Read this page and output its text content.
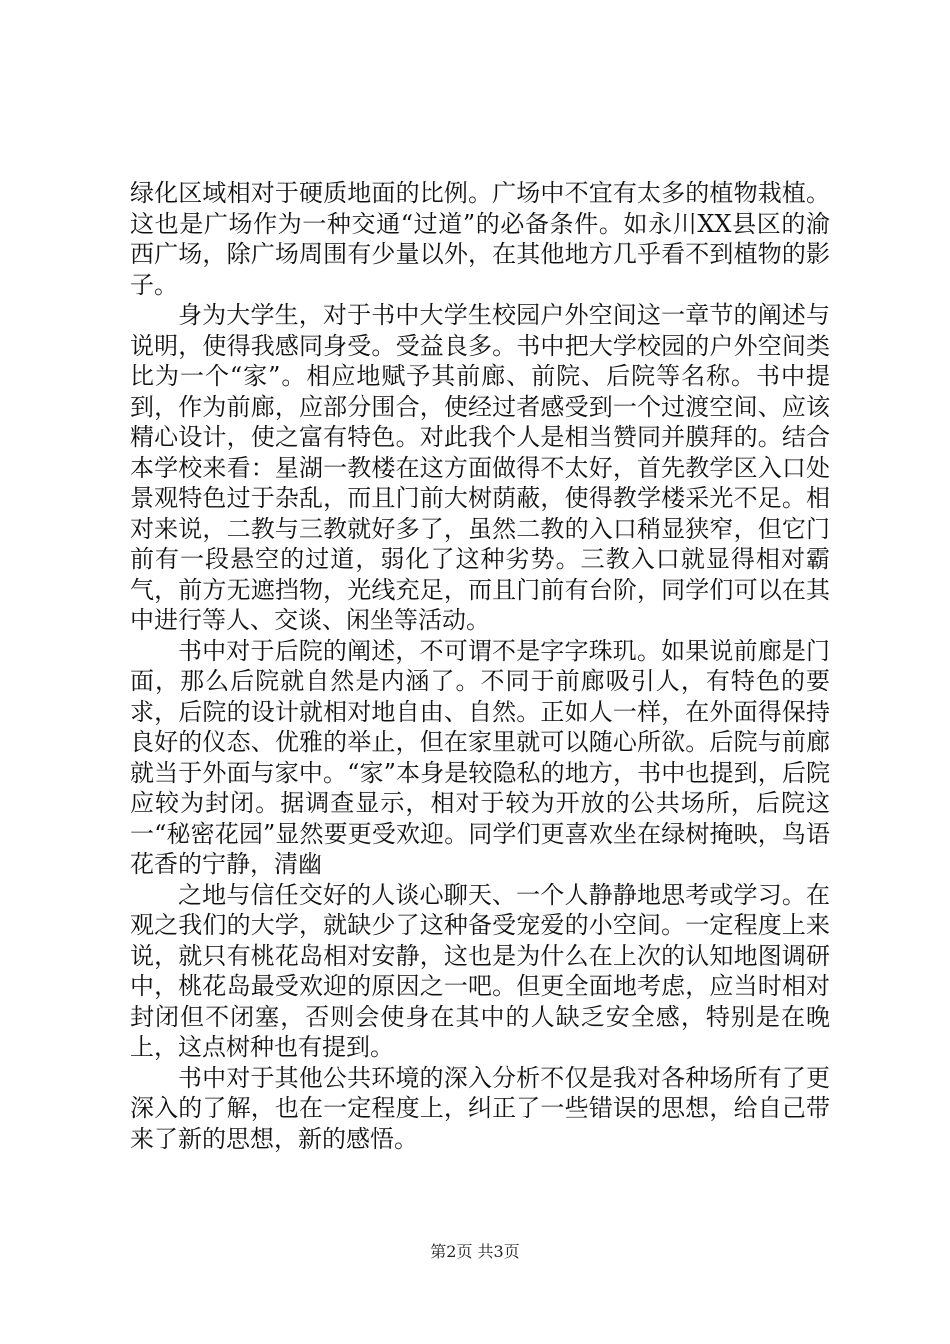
绿化区域相对于硬质地面的比例。广场中不宜有太多的植物栽植。这也是广场作为一种交通“过道”的必备条件。如永川XX县区的渝西广场，除广场周围有少量以外，在其他地方几乎看不到植物的影子。

身为大学生，对于书中大学生校园户外空间这一章节的阐述与说明，使得我感同身受。受益良多。书中把大学校园的户外空间类比为一个“家”。相应地赋予其前廊、前院、后院等名称。书中提到，作为前廊，应部分围合，使经过者感受到一个过渡空间、应该精心设计，使之富有特色。对此我个人是相当赞同并膜拜的。结合本学校来看：星湖一教楼在这方面做得不太好，首先教学区入口处景观特色过于杂乱，而且门前大树荫蔽，使得教学楼采光不足。相对来说，二教与三教就好多了，虽然二教的入口稍显狭窄，但它门前有一段悬空的过道，弱化了这种劣势。三教入口就显得相对霸气，前方无遮挡物，光线充足，而且门前有台阶，同学们可以在其中进行等人、交谈、闲坐等活动。

书中对于后院的阐述，不可谓不是字字珠玑。如果说前廊是门面，那么后院就自然是内涵了。不同于前廊吸引人，有特色的要求，后院的设计就相对地自由、自然。正如人一样，在外面得保持良好的仪态、优雅的举止，但在家里就可以随心所欲。后院与前廊就当于外面与家中。“家”本身是较隐私的地方，书中也提到，后院应较为封闭。据调查显示，相对于较为开放的公共场所，后院这一“秘密花园”显然要更受欢迎。同学们更喜欢坐在绿树掩映，鸟语花香的宁静，清幽

之地与信任交好的人谈心聊天、一个人静静地思考或学习。在观之我们的大学，就缺少了这种备受宠爱的小空间。一定程度上来说，就只有桃花岛相对安静，这也是为什么在上次的认知地图调研中，桃花岛最受欢迎的原因之一吧。但更全面地考虑，应当时相对封闭但不闭塞，否则会使身在其中的人缺乏安全感，特别是在晚上，这点树种也有提到。

书中对于其他公共环境的深入分析不仅是我对各种场所有了更深入的了解，也在一定程度上，纠正了一些错误的思想，给自己带来了新的思想，新的感悟。

第2页 共3页
